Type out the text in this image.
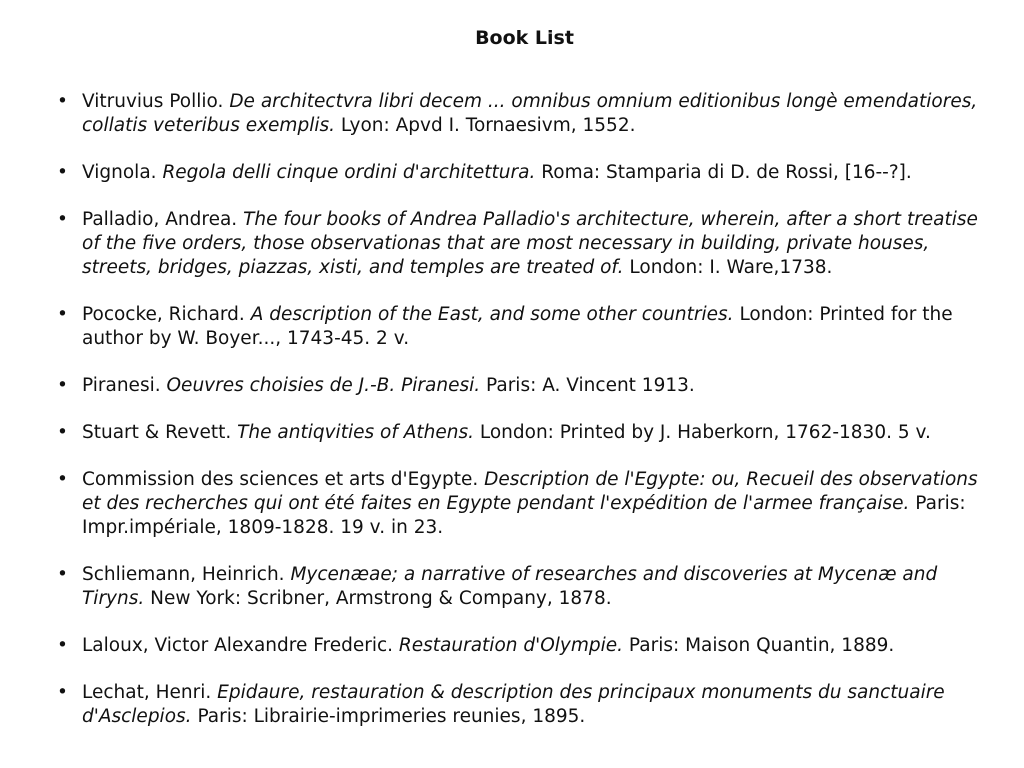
Book List
• Vitruvius Pollio. De architectvra libri decem ... omnibus omnium editionibus longè emendatiores, collatis veteribus exemplis. Lyon: Apvd I. Tornaesivm, 1552.
• Vignola. Regola delli cinque ordini d'architettura. Roma: Stamparia di D. de Rossi, [16--?].
• Palladio, Andrea. The four books of Andrea Palladio's architecture, wherein, after a short treatise of the five orders, those observationas that are most necessary in building, private houses, streets, bridges, piazzas, xisti, and temples are treated of. London: I. Ware,1738.
• Pococke, Richard. A description of the East, and some other countries. London: Printed for the author by W. Boyer..., 1743-45. 2 v.
• Piranesi. Oeuvres choisies de J.-B. Piranesi. Paris: A. Vincent 1913.
• Stuart & Revett. The antiqvities of Athens. London: Printed by J. Haberkorn, 1762-1830. 5 v.
• Commission des sciences et arts d'Egypte. Description de l'Egypte: ou, Recueil des observations et des recherches qui ont été faites en Egypte pendant l'expédition de l'armee française. Paris: Impr.impériale, 1809-1828. 19 v. in 23.
• Schliemann, Heinrich. Mycenæae; a narrative of researches and discoveries at Mycenæ and Tiryns. New York: Scribner, Armstrong & Company, 1878.
• Laloux, Victor Alexandre Frederic. Restauration d'Olympie. Paris: Maison Quantin, 1889.
• Lechat, Henri. Epidaure, restauration & description des principaux monuments du sanctuaire d'Asclepios. Paris: Librairie-imprimeries reunies, 1895.
